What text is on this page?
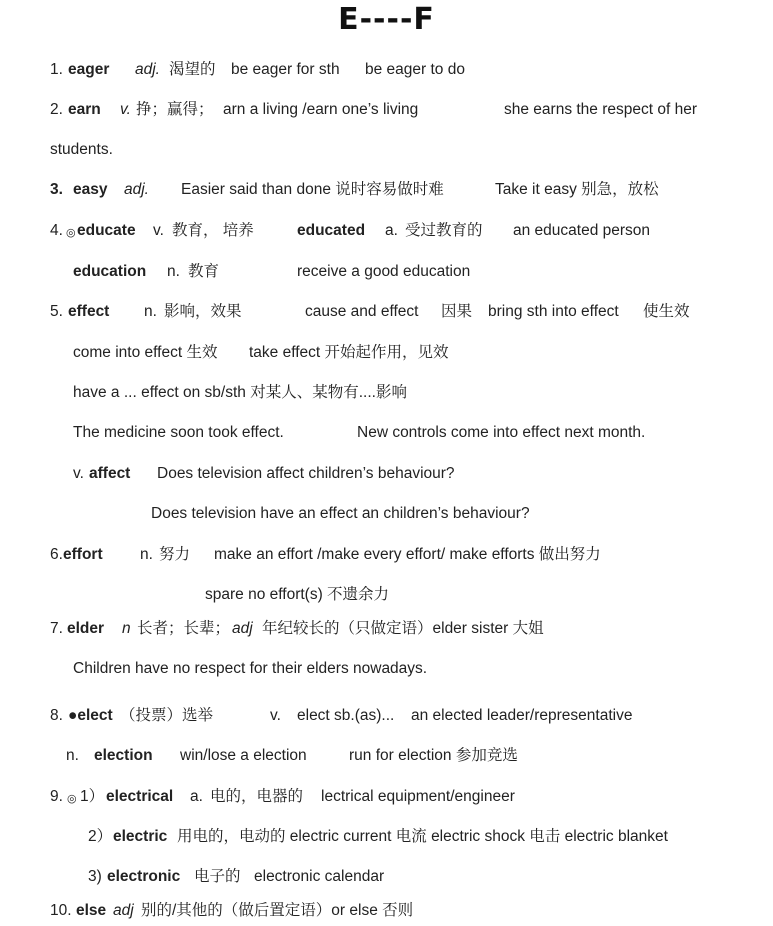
E----F
1. eager adj. 渴望的 be eager for sth be eager to do
2. earn v. 挣；赢得； arn a living /earn one’s living	she earns the respect of her
students.
3. easy adj. Easier said than done 说时容易做时难	Take it easy 别急，放松
4. ◎ educate v. 教育， 培养	educated a. 受过教育的 an educated person
education n. 教育	receive a good education
5. effect n. 影响，效果	cause and effect 因果 bring sth into effect 使生效
come into effect 生效 take effect 开始起作用，见效
have a ... effect on sb/sth 对某人、某物有....影响
The medicine soon took effect.	New controls come into effect next month.
v. affect Does television affect children’s behaviour?
Does television have an effect an children’s behaviour?
6. effort n. 努力 make an effort /make every effort/ make efforts 做出努力
spare no effort(s) 不遗余力
7. elder n 长者；长辈； adj 年纪较长的（只做定语）elder sister 大姐
Children have no respect for their elders nowadays.
8. ●elect （投票）选举	v. elect sb.(as)... an elected leader/representative
n. election win/lose a election	run for election 参加竞选
9. ◎ 1） electrical a. 电的，电器的 lectrical equipment/engineer
2） electric 用电的，电动的 electric current 电流 electric shock 电击 electric blanket
3) electronic 电子的 electronic calendar
10. else adj 别的/其他的（做后置定语）or else 否则
